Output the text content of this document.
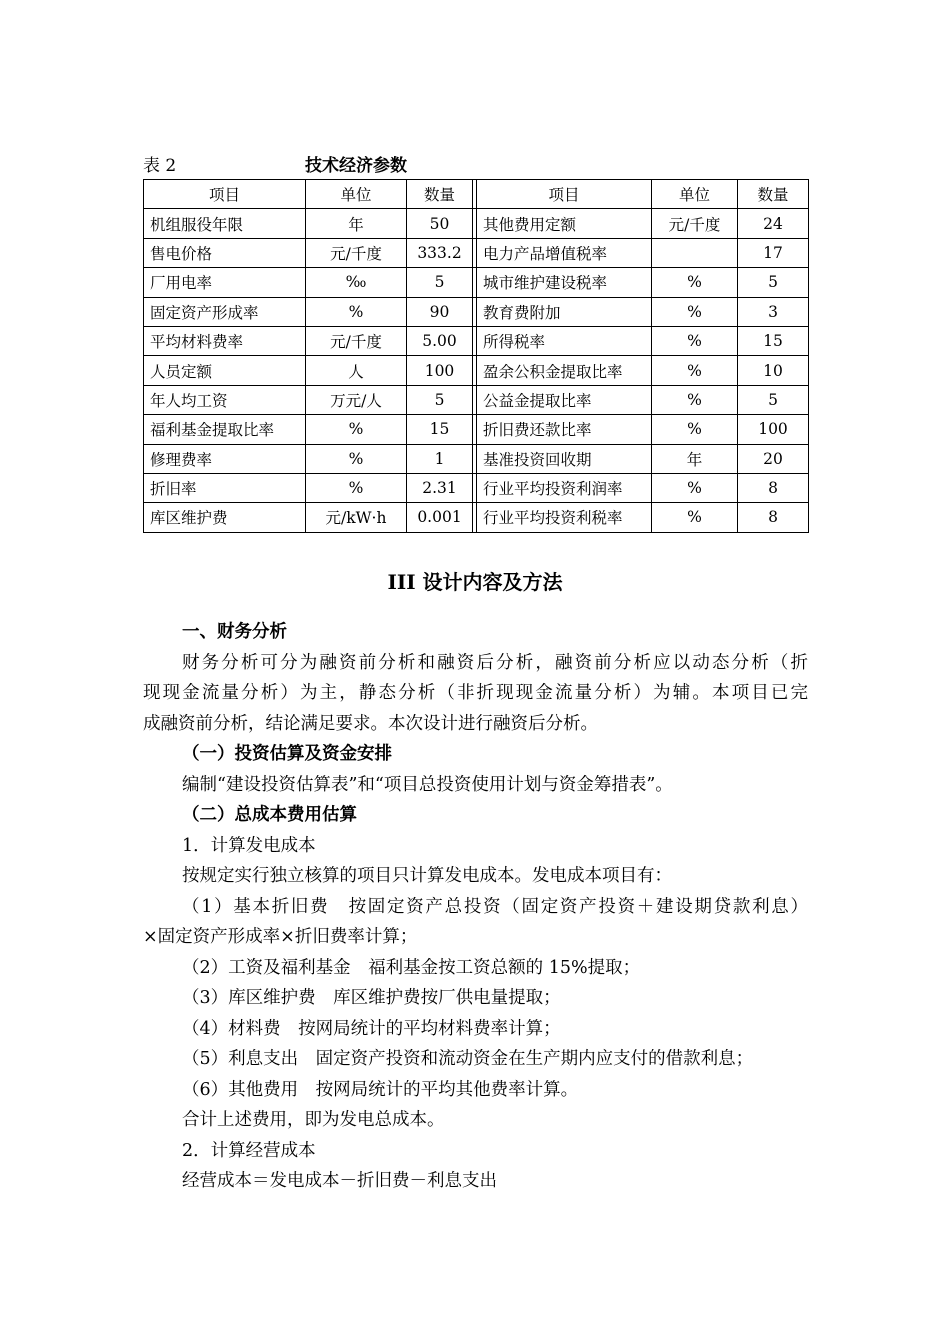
表 2	技术经济参数
项目	单位	数量		项目	单位	数量
机组服役年限	年	50		其他费用定额	元/千度	24
售电价格	元/千度	333.2		电力产品增值税率		17
厂用电率	‰	5		城市维护建设税率	%	5
固定资产形成率	%	90		教育费附加	%	3
平均材料费率	元/千度	5.00		所得税率	%	15
人员定额	人	100		盈余公积金提取比率	%	10
年人均工资	万元/人	5		公益金提取比率	%	5
福利基金提取比率	%	15		折旧费还款比率	%	100
修理费率	%	1		基准投资回收期	年	20
折旧率	%	2.31		行业平均投资利润率	%	8
库区维护费	元/kW·h	0.001		行业平均投资利税率	%	8
III 设计内容及方法
一、财务分析
财务分析可分为融资前分析和融资后分析，融资前分析应以动态分析（折
现现金流量分析）为主，静态分析（非折现现金流量分析）为辅。本项目已完
成融资前分析，结论满足要求。本次设计进行融资后分析。
（一）投资估算及资金安排
编制“建设投资估算表”和“项目总投资使用计划与资金筹措表”。
（二）总成本费用估算
1．计算发电成本
按规定实行独立核算的项目只计算发电成本。发电成本项目有：
（1）基本折旧费　按固定资产总投资（固定资产投资＋建设期贷款利息）
×固定资产形成率×折旧费率计算；
（2）工资及福利基金　福利基金按工资总额的 15%提取；
（3）库区维护费　库区维护费按厂供电量提取；
（4）材料费　按网局统计的平均材料费率计算；
（5）利息支出　固定资产投资和流动资金在生产期内应支付的借款利息；
（6）其他费用　按网局统计的平均其他费率计算。
合计上述费用，即为发电总成本。
2．计算经营成本
经营成本＝发电成本－折旧费－利息支出
